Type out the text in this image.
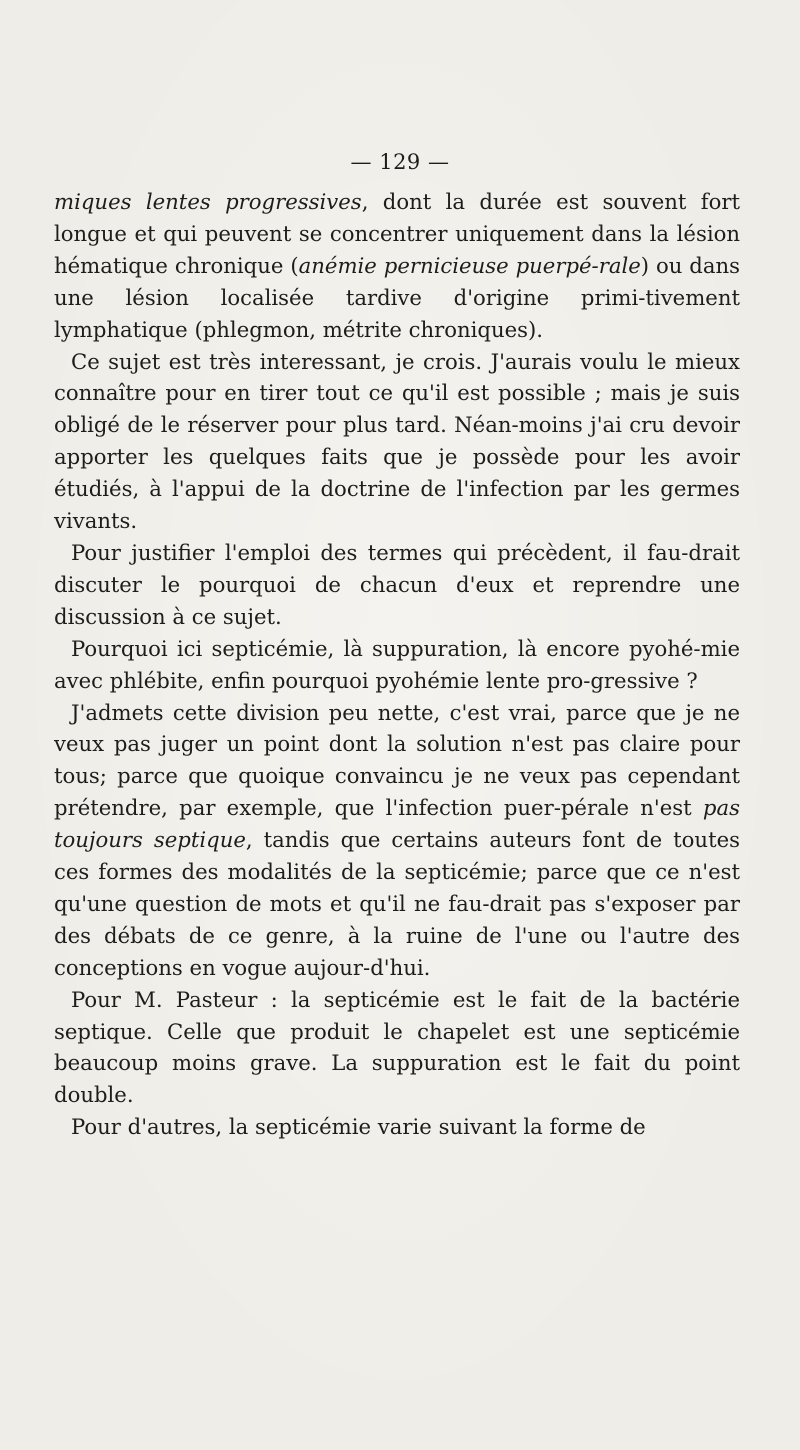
— 129 —

miques lentes progressives, dont la durée est souvent fort longue et qui peuvent se concentrer uniquement dans la lésion hématique chronique (anémie pernicieuse puerpé-rale) ou dans une lésion localisée tardive d'origine primi-tivement lymphatique (phlegmon, métrite chroniques).

Ce sujet est très interessant, je crois. J'aurais voulu le mieux connaître pour en tirer tout ce qu'il est possible ; mais je suis obligé de le réserver pour plus tard. Néan-moins j'ai cru devoir apporter les quelques faits que je possède pour les avoir étudiés, à l'appui de la doctrine de l'infection par les germes vivants.

Pour justifier l'emploi des termes qui précèdent, il fau-drait discuter le pourquoi de chacun d'eux et reprendre une discussion à ce sujet.

Pourquoi ici septicémie, là suppuration, là encore pyohé-mie avec phlébite, enfin pourquoi pyohémie lente pro-gressive ?

J'admets cette division peu nette, c'est vrai, parce que je ne veux pas juger un point dont la solution n'est pas claire pour tous; parce que quoique convaincu je ne veux pas cependant prétendre, par exemple, que l'infection puer-pérale n'est pas toujours septique, tandis que certains auteurs font de toutes ces formes des modalités de la septicémie; parce que ce n'est qu'une question de mots et qu'il ne fau-drait pas s'exposer par des débats de ce genre, à la ruine de l'une ou l'autre des conceptions en vogue aujour-d'hui.

Pour M. Pasteur : la septicémie est le fait de la bactérie septique. Celle que produit le chapelet est une septicémie beaucoup moins grave. La suppuration est le fait du point double.

Pour d'autres, la septicémie varie suivant la forme de
